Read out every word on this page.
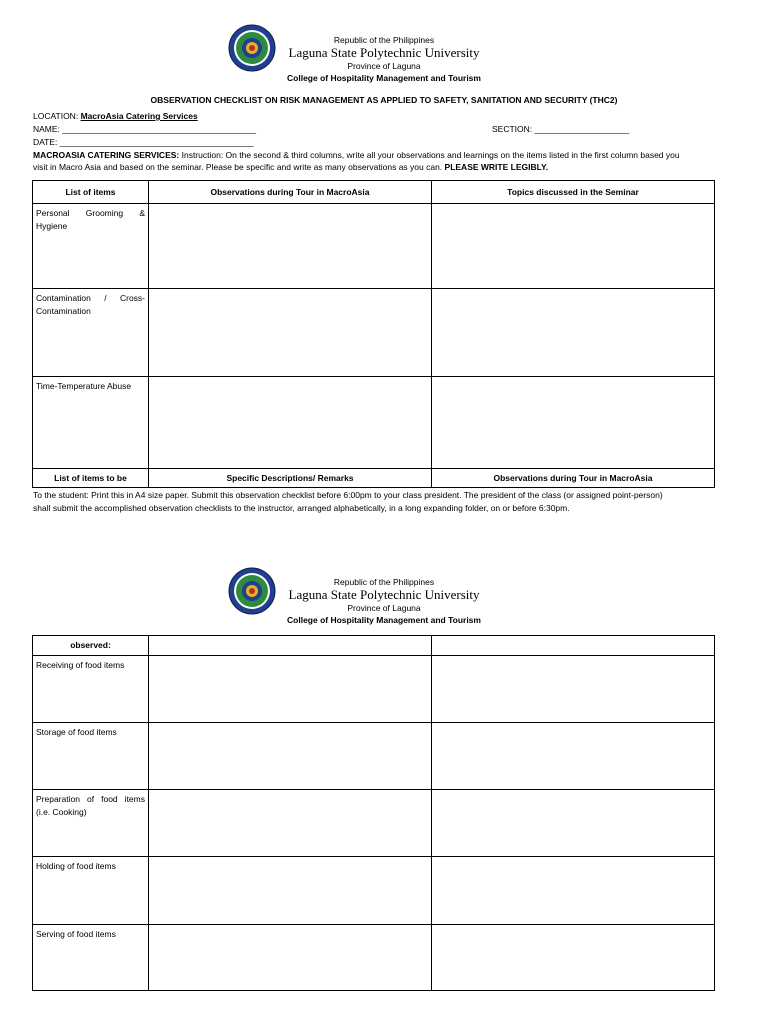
Republic of the Philippines
Laguna State Polytechnic University
Province of Laguna
College of Hospitality Management and Tourism
OBSERVATION CHECKLIST ON RISK MANAGEMENT AS APPLIED TO SAFETY, SANITATION AND SECURITY (THC2)
LOCATION: MacroAsia Catering Services
NAME: _________________________________________	SECTION: ____________________
DATE: _________________________________________
MACROASIA CATERING SERVICES: Instruction: On the second & third columns, write all your observations and learnings on the items listed in the first column based you
visit in Macro Asia and based on the seminar. Please be specific and write as many observations as you can. PLEASE WRITE LEGIBLY.
List of items	Observations during Tour in MacroAsia	Topics discussed in the Seminar
Personal Grooming & Hygiene		
Contamination / Cross-Contamination		
Time-Temperature Abuse		
List of items to be	Specific Descriptions/ Remarks	Observations during Tour in MacroAsia
To the student: Print this in A4 size paper. Submit this observation checklist before 6:00pm to your class president. The president of the class (or assigned point-person)
shall submit the accomplished observation checklists to the instructor, arranged alphabetically, in a long expanding folder, on or before 6:30pm.
Republic of the Philippines
Laguna State Polytechnic University
Province of Laguna
College of Hospitality Management and Tourism
observed:		
Receiving of food items		
Storage of food items		
Preparation of food items (i.e. Cooking)		
Holding of food items		
Serving of food items		
